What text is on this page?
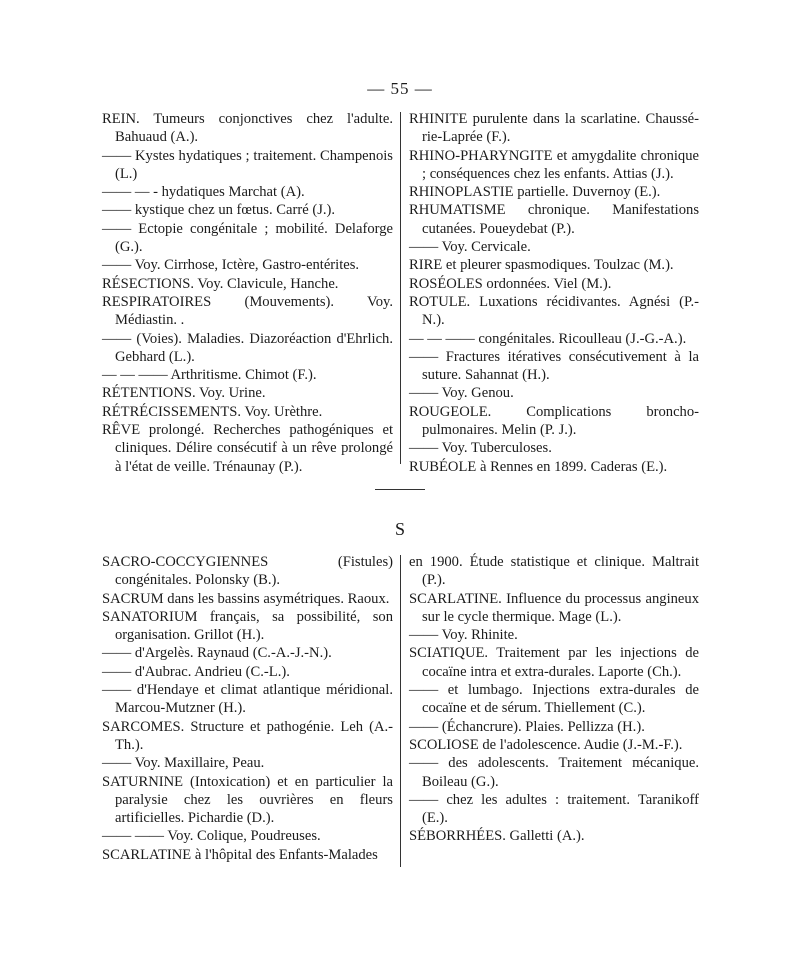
— 55 —

REIN. Tumeurs conjonctives chez l'adulte. Bahuaud (A.).

—— Kystes hydatiques ; traitement. Champenois (L.)

—— — - hydatiques Marchat (A).

—— kystique chez un fœtus. Carré (J.).

—— Ectopie congénitale ; mobilité. Delaforge (G.).

—— Voy. Cirrhose, Ictère, Gastro-entérites.

RÉSECTIONS. Voy. Clavicule, Hanche.

RESPIRATOIRES (Mouvements). Voy. Médiastin. .

—— (Voies). Maladies. Diazoréaction d'Ehrlich. Gebhard (L.).

— — —— Arthritisme. Chimot (F.).

RÉTENTIONS. Voy. Urine.

RÉTRÉCISSEMENTS. Voy. Urèthre.

RÊVE prolongé. Recherches pathogéniques et cliniques. Délire consécutif à un rêve prolongé à l'état de veille. Trénaunay (P.).

RHINITE purulente dans la scarlatine. Chaussé-rie-Laprée (F.).

RHINO-PHARYNGITE et amygdalite chronique ; conséquences chez les enfants. Attias (J.).

RHINOPLASTIE partielle. Duvernoy (E.).

RHUMATISME chronique. Manifestations cutanées. Poueydebat (P.).

—— Voy. Cervicale.

RIRE et pleurer spasmodiques. Toulzac (M.).

ROSÉOLES ordonnées. Viel (M.).

ROTULE. Luxations récidivantes. Agnési (P.-N.).

— — —— congénitales. Ricoulleau (J.-G.-A.).

—— Fractures itératives consécutivement à la suture. Sahannat (H.).

—— Voy. Genou.

ROUGEOLE. Complications broncho-pulmonaires. Melin (P. J.).

—— Voy. Tuberculoses.

RUBÉOLE à Rennes en 1899. Caderas (E.).

S

SACRO-COCCYGIENNES (Fistules) congénitales. Polonsky (B.).

SACRUM dans les bassins asymétriques. Raoux.

SANATORIUM français, sa possibilité, son organisation. Grillot (H.).

—— d'Argelès. Raynaud (C.-A.-J.-N.).

—— d'Aubrac. Andrieu (C.-L.).

—— d'Hendaye et climat atlantique méridional. Marcou-Mutzner (H.).

SARCOMES. Structure et pathogénie. Leh (A.-Th.).

—— Voy. Maxillaire, Peau.

SATURNINE (Intoxication) et en particulier la paralysie chez les ouvrières en fleurs artificielles. Pichardie (D.).

—— —— Voy. Colique, Poudreuses.

SCARLATINE à l'hôpital des Enfants-Malades

en 1900. Étude statistique et clinique. Maltrait (P.).

SCARLATINE. Influence du processus angineux sur le cycle thermique. Mage (L.).

—— Voy. Rhinite.

SCIATIQUE. Traitement par les injections de cocaïne intra et extra-durales. Laporte (Ch.).

—— et lumbago. Injections extra-durales de cocaïne et de sérum. Thiellement (C.).

—— (Échancrure). Plaies. Pellizza (H.).

SCOLIOSE de l'adolescence. Audie (J.-M.-F.).

—— des adolescents. Traitement mécanique. Boileau (G.).

—— chez les adultes : traitement. Taranikoff (E.).

SÉBORRHÉES. Galletti (A.).
